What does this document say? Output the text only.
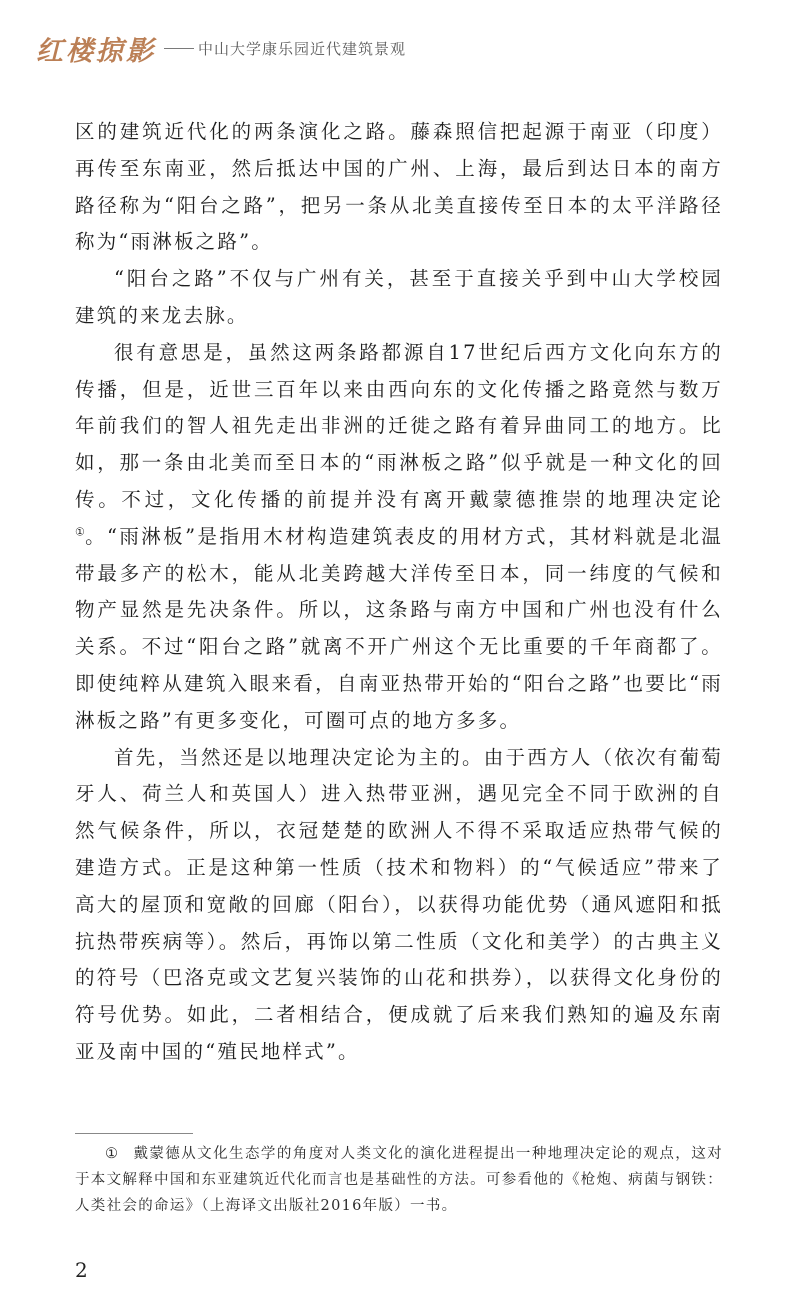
红楼掠影	中山大学康乐园近代建筑景观

区的建筑近代化的两条演化之路。藤森照信把起源于南亚（印度）再传至东南亚，然后抵达中国的广州、上海，最后到达日本的南方路径称为“阳台之路”，把另一条从北美直接传至日本的太平洋路径称为“雨淋板之路”。

“阳台之路”不仅与广州有关，甚至于直接关乎到中山大学校园建筑的来龙去脉。

很有意思是，虽然这两条路都源自17世纪后西方文化向东方的传播，但是，近世三百年以来由西向东的文化传播之路竟然与数万年前我们的智人祖先走出非洲的迁徙之路有着异曲同工的地方。比如，那一条由北美而至日本的“雨淋板之路”似乎就是一种文化的回传。不过，文化传播的前提并没有离开戴蒙德推崇的地理决定论①。“雨淋板”是指用木材构造建筑表皮的用材方式，其材料就是北温带最多产的松木，能从北美跨越大洋传至日本，同一纬度的气候和物产显然是先决条件。所以，这条路与南方中国和广州也没有什么关系。不过“阳台之路”就离不开广州这个无比重要的千年商都了。即使纯粹从建筑入眼来看，自南亚热带开始的“阳台之路”也要比“雨淋板之路”有更多变化，可圈可点的地方多多。

首先，当然还是以地理决定论为主的。由于西方人（依次有葡萄牙人、荷兰人和英国人）进入热带亚洲，遇见完全不同于欧洲的自然气候条件，所以，衣冠楚楚的欧洲人不得不采取适应热带气候的建造方式。正是这种第一性质（技术和物料）的“气候适应”带来了高大的屋顶和宽敞的回廊（阳台），以获得功能优势（通风遮阳和抵抗热带疾病等）。然后，再饰以第二性质（文化和美学）的古典主义的符号（巴洛克或文艺复兴装饰的山花和拱券），以获得文化身份的符号优势。如此，二者相结合，便成就了后来我们熟知的遍及东南亚及南中国的“殖民地样式”。

① 戴蒙德从文化生态学的角度对人类文化的演化进程提出一种地理决定论的观点，这对于本文解释中国和东亚建筑近代化而言也是基础性的方法。可参看他的《枪炮、病菌与钢铁：人类社会的命运》（上海译文出版社2016年版）一书。
2
